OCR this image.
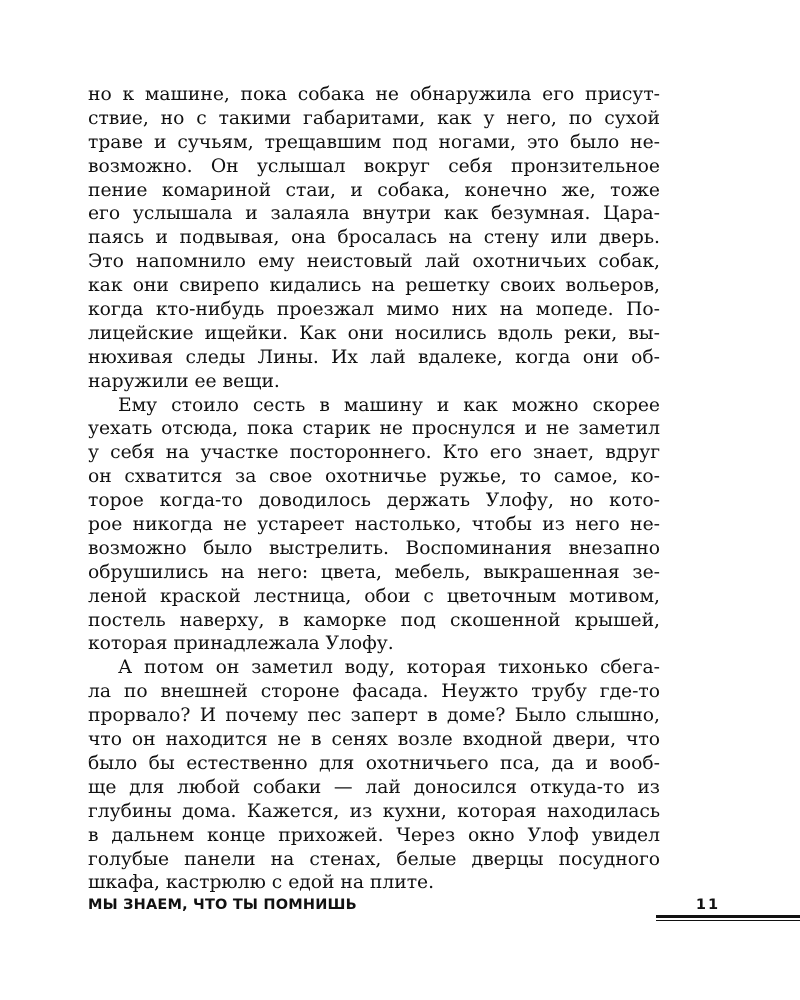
но к машине, пока собака не обнаружила его присут-
ствие, но с такими габаритами, как у него, по сухой
траве и сучьям, трещавшим под ногами, это было не-
возможно. Он услышал вокруг себя пронзительное
пение комариной стаи, и собака, конечно же, тоже
его услышала и залаяла внутри как безумная. Цара-
паясь и подвывая, она бросалась на стену или дверь.
Это напомнило ему неистовый лай охотничьих собак,
как они свирепо кидались на решетку своих вольеров,
когда кто-нибудь проезжал мимо них на мопеде. По-
лицейские ищейки. Как они носились вдоль реки, вы-
нюхивая следы Лины. Их лай вдалеке, когда они об-
наружили ее вещи.
Ему стоило сесть в машину и как можно скорее
уехать отсюда, пока старик не проснулся и не заметил
у себя на участке постороннего. Кто его знает, вдруг
он схватится за свое охотничье ружье, то самое, ко-
торое когда-то доводилось держать Улофу, но кото-
рое никогда не устареет настолько, чтобы из него не-
возможно было выстрелить. Воспоминания внезапно
обрушились на него: цвета, мебель, выкрашенная зе-
леной краской лестница, обои с цветочным мотивом,
постель наверху, в каморке под скошенной крышей,
которая принадлежала Улофу.
А потом он заметил воду, которая тихонько сбега-
ла по внешней стороне фасада. Неужто трубу где-то
прорвало? И почему пес заперт в доме? Было слышно,
что он находится не в сенях возле входной двери, что
было бы естественно для охотничьего пса, да и вооб-
ще для любой собаки — лай доносился откуда-то из
глубины дома. Кажется, из кухни, которая находилась
в дальнем конце прихожей. Через окно Улоф увидел
голубые панели на стенах, белые дверцы посудного
шкафа, кастрюлю с едой на плите.
МЫ ЗНАЕМ, ЧТО ТЫ ПОМНИШЬ	11
